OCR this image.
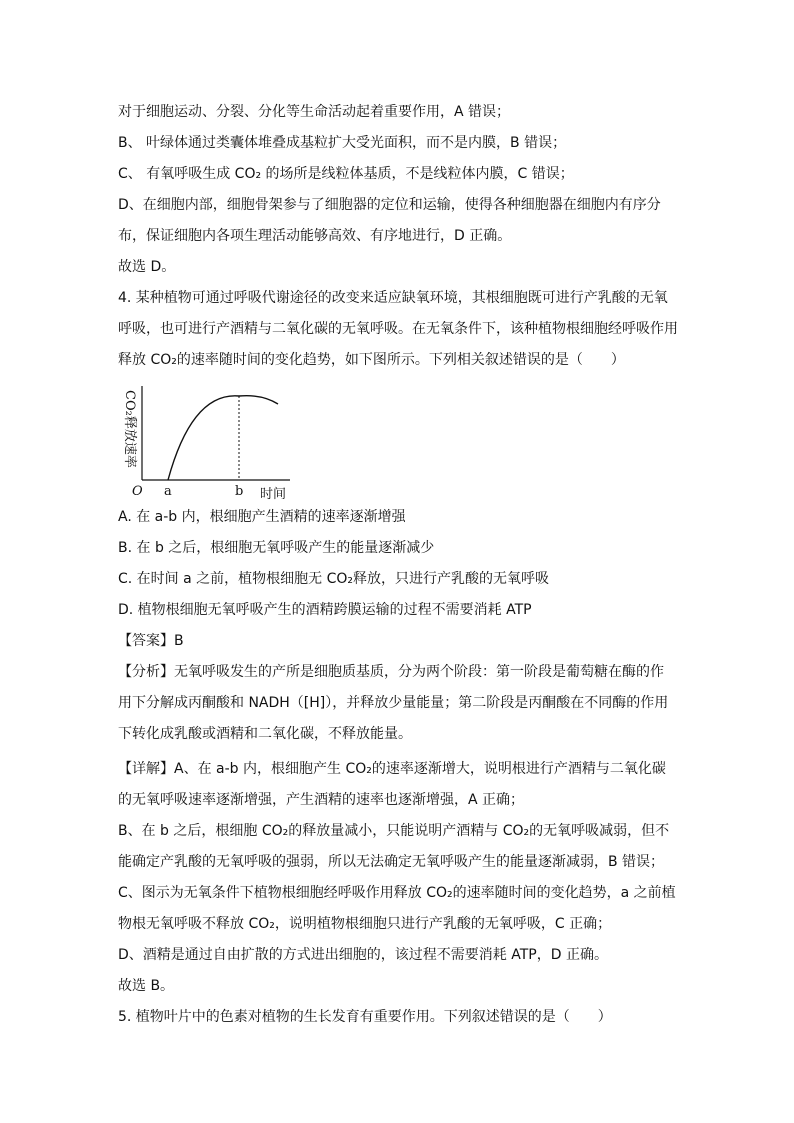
对于细胞运动、分裂、分化等生命活动起着重要作用，A 错误；
B、 叶绿体通过类囊体堆叠成基粒扩大受光面积，而不是内膜，B 错误；
C、 有氧呼吸生成 CO₂ 的场所是线粒体基质，不是线粒体内膜，C 错误；
D、在细胞内部，细胞骨架参与了细胞器的定位和运输，使得各种细胞器在细胞内有序分
布，保证细胞内各项生理活动能够高效、有序地进行，D 正确。
故选 D。
4. 某种植物可通过呼吸代谢途径的改变来适应缺氧环境，其根细胞既可进行产乳酸的无氧
呼吸，也可进行产酒精与二氧化碳的无氧呼吸。在无氧条件下，该种植物根细胞经呼吸作用
释放 CO₂的速率随时间的变化趋势，如下图所示。下列相关叙述错误的是（　　）
A. 在 a-b 内，根细胞产生酒精的速率逐渐增强
B. 在 b 之后，根细胞无氧呼吸产生的能量逐渐减少
C. 在时间 a 之前，植物根细胞无 CO₂释放，只进行产乳酸的无氧呼吸
D. 植物根细胞无氧呼吸产生的酒精跨膜运输的过程不需要消耗 ATP
【答案】B
【分析】无氧呼吸发生的产所是细胞质基质，分为两个阶段：第一阶段是葡萄糖在酶的作
用下分解成丙酮酸和 NADH（[H]），并释放少量能量；第二阶段是丙酮酸在不同酶的作用
下转化成乳酸或酒精和二氧化碳，不释放能量。
【详解】A、在 a-b 内，根细胞产生 CO₂的速率逐渐增大，说明根进行产酒精与二氧化碳
的无氧呼吸速率逐渐增强，产生酒精的速率也逐渐增强，A 正确；
B、在 b 之后，根细胞 CO₂的释放量减小，只能说明产酒精与 CO₂的无氧呼吸减弱，但不
能确定产乳酸的无氧呼吸的强弱，所以无法确定无氧呼吸产生的能量逐渐减弱，B 错误；
C、图示为无氧条件下植物根细胞经呼吸作用释放 CO₂的速率随时间的变化趋势，a 之前植
物根无氧呼吸不释放 CO₂，说明植物根细胞只进行产乳酸的无氧呼吸，C 正确；
D、酒精是通过自由扩散的方式进出细胞的，该过程不需要消耗 ATP，D 正确。
故选 B。
5. 植物叶片中的色素对植物的生长发育有重要作用。下列叙述错误的是（　　）
CO₂释放速率
O a	b 时间
